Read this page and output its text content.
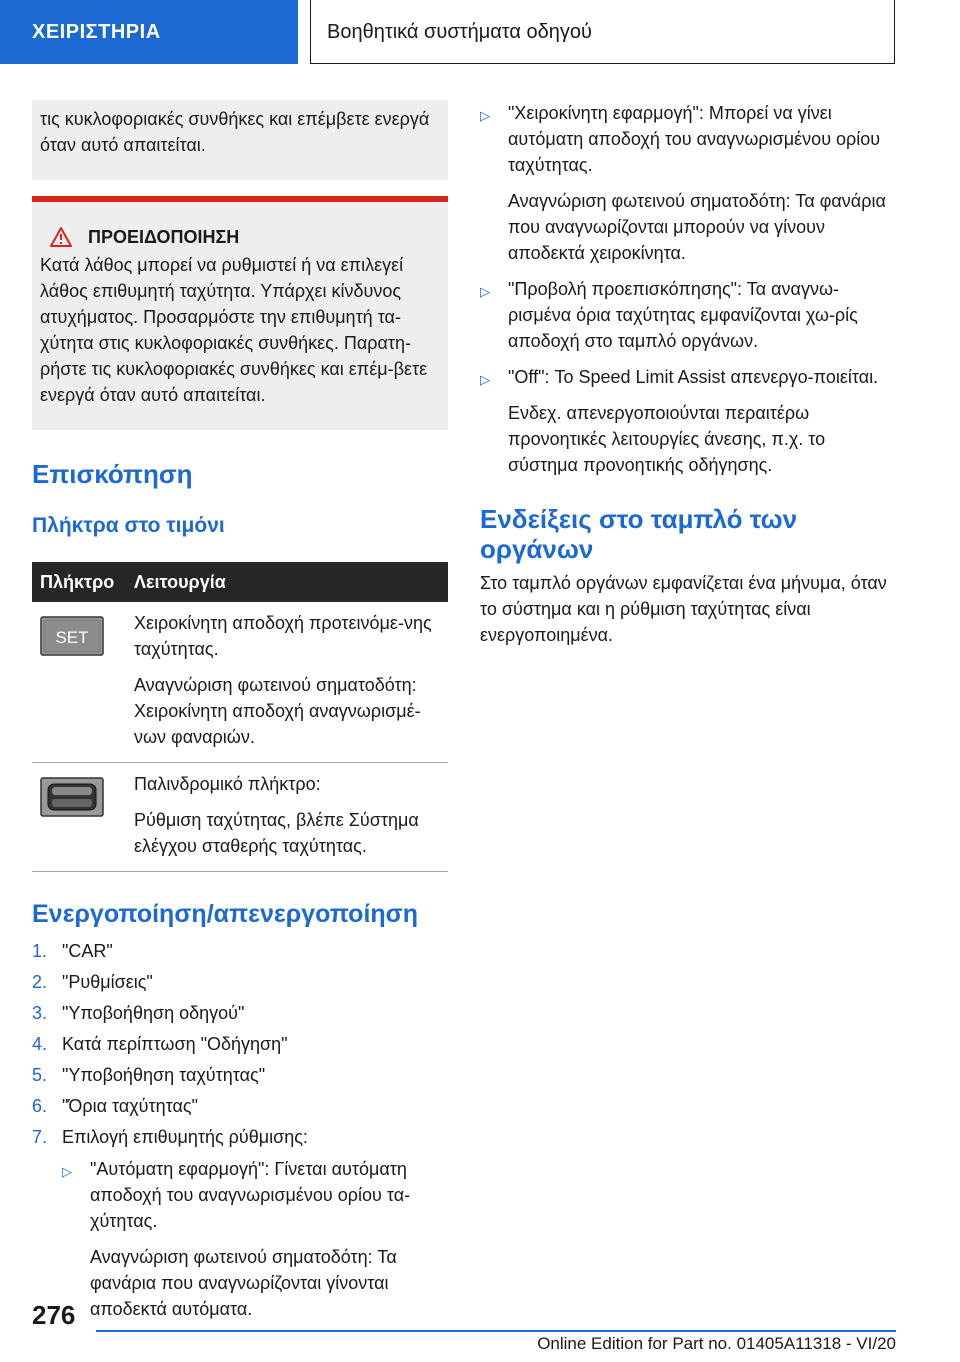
ΧΕΙΡΙΣΤΗΡΙΑ	Βοηθητικά συστήματα οδηγού

τις κυκλοφοριακές συνθήκες και επέμβετε ενεργά όταν αυτό απαιτείται.

ΠΡΟΕΙΔΟΠΟΙΗΣΗ

Κατά λάθος μπορεί να ρυθμιστεί ή να επιλεγεί λάθος επιθυμητή ταχύτητα. Υπάρχει κίνδυνος ατυχήματος. Προσαρμόστε την επιθυμητή τα-χύτητα στις κυκλοφοριακές συνθήκες. Παρατη-ρήστε τις κυκλοφοριακές συνθήκες και επέμ-βετε ενεργά όταν αυτό απαιτείται.

Επισκόπηση
Πλήκτρα στο τιμόνι
Πλήκτρο	Λειτουργία

SET	Χειροκίνητη αποδοχή προτεινόμε-νης ταχύτητας.

Αναγνώριση φωτεινού σηματοδότη: Χειροκίνητη αποδοχή αναγνωρισμέ-νων φαναριών.

Παλινδρομικό πλήκτρο:

Ρύθμιση ταχύτητας, βλέπε Σύστημα ελέγχου σταθερής ταχύτητας.

Ενεργοποίηση/απενεργοποίηση
1. "CAR"
2. "Ρυθμίσεις"
3. "Υποβοήθηση οδηγού"
4. Κατά περίπτωση "Οδήγηση"
5. "Υποβοήθηση ταχύτητας"
6. "Όρια ταχύτητας"
7. Επιλογή επιθυμητής ρύθμισης:
▷	"Αυτόματη εφαρμογή": Γίνεται αυτόματη αποδοχή του αναγνωρισμένου ορίου τα-χύτητας.
Αναγνώριση φωτεινού σηματοδότη: Τα φανάρια που αναγνωρίζονται γίνονται αποδεκτά αυτόματα.
▷	"Χειροκίνητη εφαρμογή": Μπορεί να γίνει αυτόματη αποδοχή του αναγνωρισμένου ορίου ταχύτητας.
Αναγνώριση φωτεινού σηματοδότη: Τα φανάρια που αναγνωρίζονται μπορούν να γίνουν αποδεκτά χειροκίνητα.
▷	"Προβολή προεπισκόπησης": Τα αναγνω-ρισμένα όρια ταχύτητας εμφανίζονται χω-ρίς αποδοχή στο ταμπλό οργάνων.
▷	"Off": Το Speed Limit Assist απενεργο-ποιείται.
Ενδεχ. απενεργοποιούνται περαιτέρω προνοητικές λειτουργίες άνεσης, π.χ. το σύστημα προνοητικής οδήγησης.
Ενδείξεις στο ταμπλό των οργάνων

Στο ταμπλό οργάνων εμφανίζεται ένα μήνυμα, όταν το σύστημα και η ρύθμιση ταχύτητας είναι ενεργοποιημένα.

276
Online Edition for Part no. 01405A11318 - VI/20
